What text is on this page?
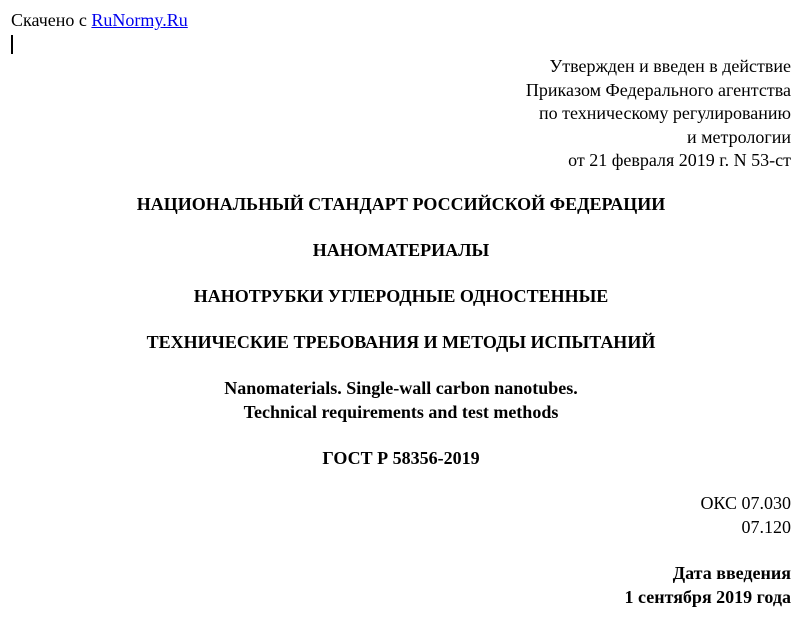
Скачено с RuNormy.Ru
Утвержден и введен в действие
Приказом Федерального агентства
по техническому регулированию
и метрологии
от 21 февраля 2019 г. N 53-ст
НАЦИОНАЛЬНЫЙ СТАНДАРТ РОССИЙСКОЙ ФЕДЕРАЦИИ
НАНОМАТЕРИАЛЫ
НАНОТРУБКИ УГЛЕРОДНЫЕ ОДНОСТЕННЫЕ
ТЕХНИЧЕСКИЕ ТРЕБОВАНИЯ И МЕТОДЫ ИСПЫТАНИЙ
Nanomaterials. Single-wall carbon nanotubes.
Technical requirements and test methods
ГОСТ Р 58356-2019
ОКС 07.030
07.120
Дата введения
1 сентября 2019 года
